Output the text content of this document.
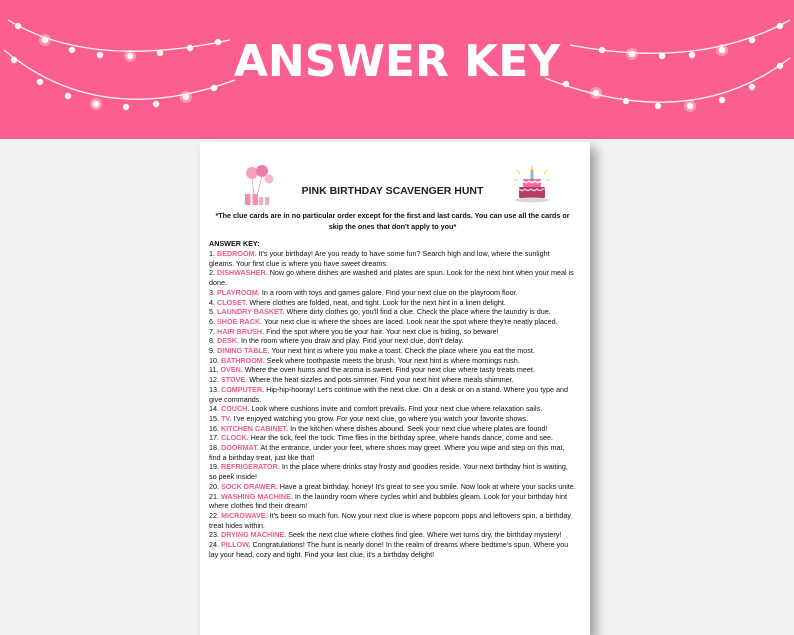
ANSWER KEY
PINK BIRTHDAY SCAVENGER HUNT
*The clue cards are in no particular order except for the first and last cards. You can use all the cards or skip the ones that don't apply to you*
ANSWER KEY:
1. BEDROOM. It's your birthday! Are you ready to have some fun? Search high and low, where the sunlight gleams. Your first clue is where you have sweet dreams.
2. DISHWASHER. Now go where dishes are washed and plates are spun. Look for the next hint when your meal is done.
3. PLAYROOM. In a room with toys and games galore. Find your next clue on the playroom floor.
4. CLOSET. Where clothes are folded, neat, and tight. Look for the next hint in a linen delight.
5. LAUNDRY BASKET. Where dirty clothes go, you'll find a clue. Check the place where the laundry is due.
6. SHOE RACK. Your next clue is where the shoes are laced. Look near the spot where they're neatly placed.
7. HAIR BRUSH. Find the spot where you tie your hair. Your next clue is hiding, so beware!
8. DESK. In the room where you draw and play. Find your next clue, don't delay.
9. DINING TABLE. Your next hint is where you make a toast. Check the place where you eat the most.
10. BATHROOM. Seek where toothpaste meets the brush. Your next hint is where mornings rush.
11. OVEN. Where the oven hums and the aroma is sweet. Find your next clue where tasty treats meet.
12. STOVE. Where the heat sizzles and pots simmer. Find your next hint where meals shimmer.
13. COMPUTER. Hip-hip-hooray! Let's continue with the next clue. On a desk or on a stand. Where you type and give commands.
14. COUCH. Look where cushions invite and comfort prevails. Find your next clue where relaxation sails.
15. TV. I've enjoyed watching you grow. For your next clue, go where you watch your favorite shows.
16. KITCHEN CABINET. In the kitchen where dishes abound. Seek your next clue where plates are found!
17. CLOCK. Hear the tick, feel the tock. Time flies in the birthday spree, where hands dance, come and see.
18. DOORMAT. At the entrance, under your feet, where shoes may greet. Where you wipe and step on this mat, find a birthday treat, just like that!
19. REFRIGERATOR. In the place where drinks stay frosty and goodies reside. Your next birthday hint is waiting, so peek inside!
20. SOCK DRAWER. Have a great birthday, honey! It's great to see you smile. Now look at where your socks unite.
21. WASHING MACHINE. In the laundry room where cycles whirl and bubbles gleam. Look for your birthday hint where clothes find their dream!
22. MICROWAVE. It's been so much fun. Now your next clue is where popcorn pops and leftovers spin, a birthday treat hides within.
23. DRYING MACHINE. Seek the next clue where clothes find glee. Where wet turns dry, the birthday mystery!
24. PILLOW. Congratulations! The hunt is nearly done! In the realm of dreams where bedtime's spun. Where you lay your head, cozy and tight. Find your last clue, it's a birthday delight!
